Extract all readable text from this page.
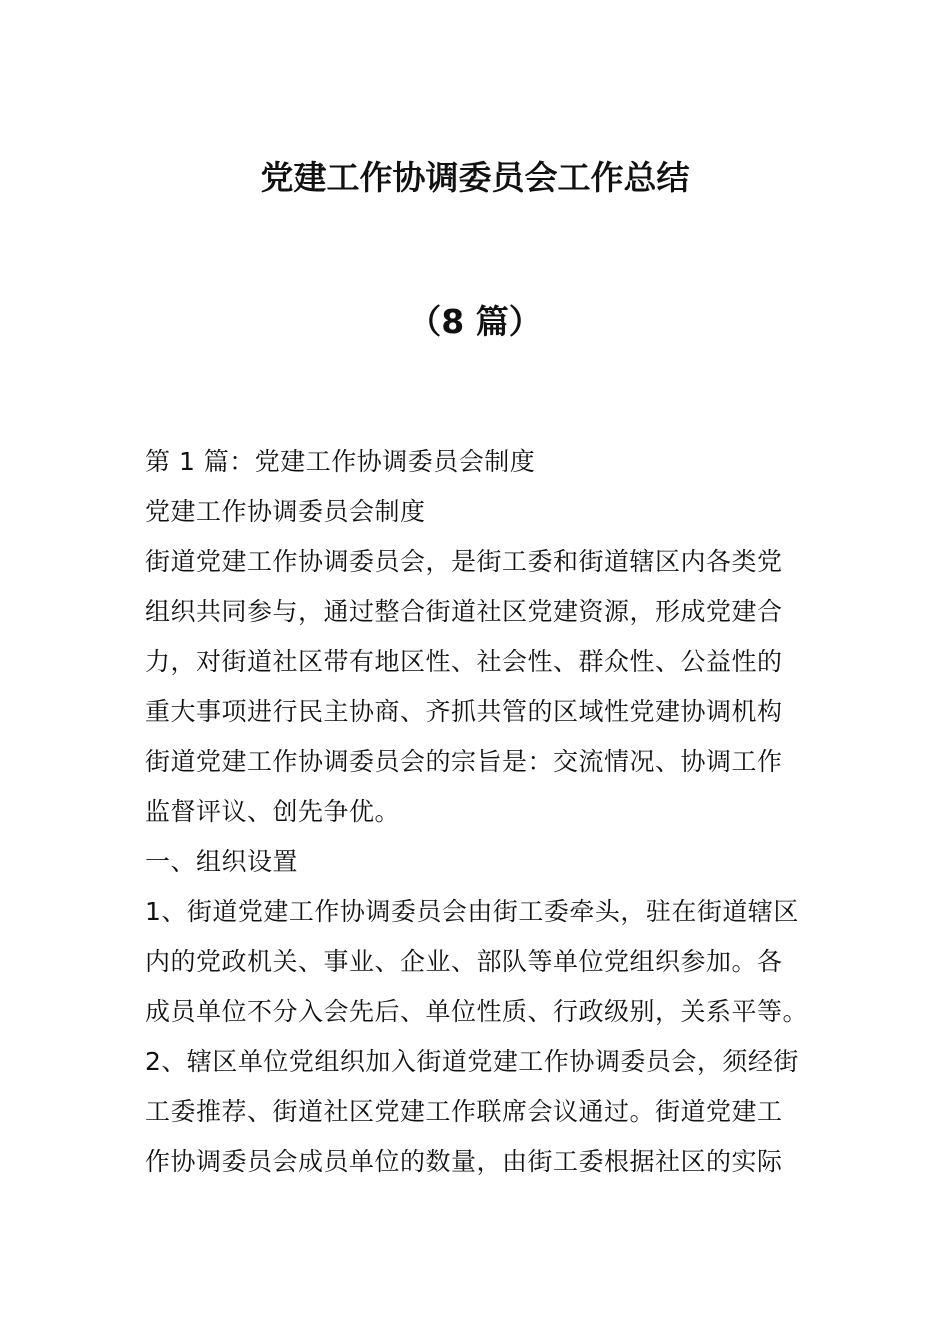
党建工作协调委员会工作总结
（8 篇）

第 1 篇：党建工作协调委员会制度

党建工作协调委员会制度

街道党建工作协调委员会，是街工委和街道辖区内各类党

组织共同参与，通过整合街道社区党建资源，形成党建合

力，对街道社区带有地区性、社会性、群众性、公益性的

重大事项进行民主协商、齐抓共管的区域性党建协调机构

街道党建工作协调委员会的宗旨是：交流情况、协调工作

监督评议、创先争优。

一、组织设置

1、街道党建工作协调委员会由街工委牵头，驻在街道辖区

内的党政机关、事业、企业、部队等单位党组织参加。各

成员单位不分入会先后、单位性质、行政级别，关系平等。

2、辖区单位党组织加入街道党建工作协调委员会，须经街

工委推荐、街道社区党建工作联席会议通过。街道党建工

作协调委员会成员单位的数量，由街工委根据社区的实际
